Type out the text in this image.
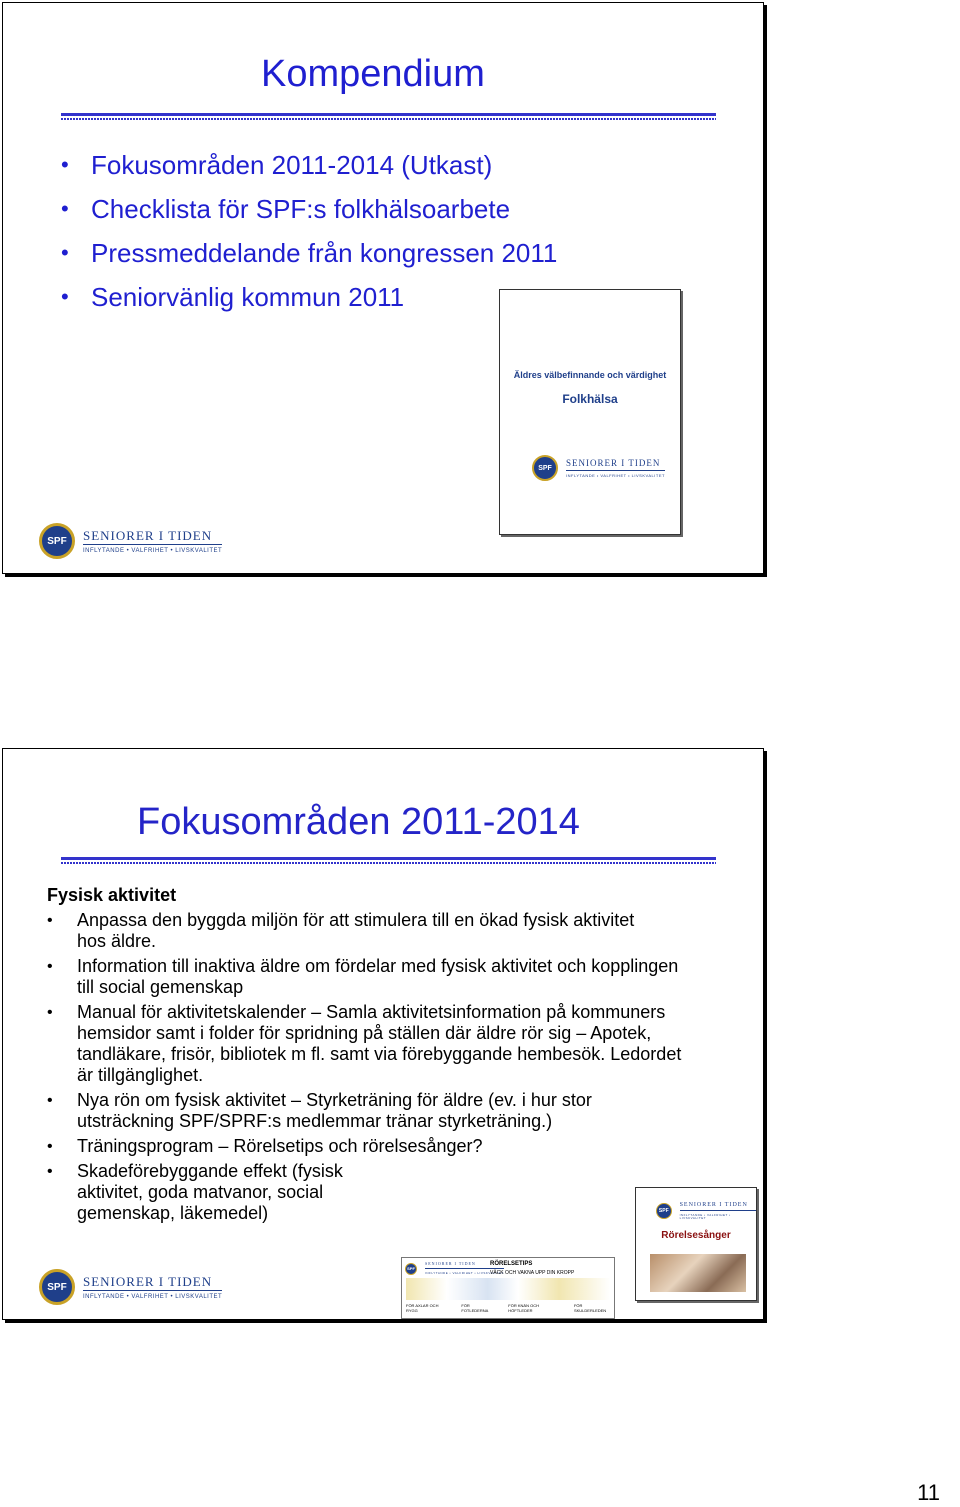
Kompendium
• Fokusområden 2011-2014 (Utkast)
• Checklista för SPF:s folkhälsoarbete
• Pressmeddelande från kongressen 2011
• Seniorvänlig kommun 2011
Äldres välbefinnande och värdighet
Folkhälsa
SPF
SENIORER I TIDEN
INFLYTANDE • VALFRIHET • LIVSKVALITET
SPF	SENIORER I TIDEN
INFLYTANDE • VALFRIHET • LIVSKVALITET
Fokusområden 2011-2014
Fysisk aktivitet
• Anpassa den byggda miljön för att stimulera till en ökad fysisk aktivitet hos äldre.
• Information till inaktiva äldre om fördelar med fysisk aktivitet och kopplingen till social gemenskap
• Manual för aktivitetskalender – Samla aktivitetsinformation på kommuners hemsidor samt i folder för spridning på ställen där äldre rör sig – Apotek, tandläkare, frisör, bibliotek m fl. samt via förebyggande hembesök. Ledordet är tillgänglighet.
• Nya rön om fysisk aktivitet – Styrketräning för äldre (ev. i hur stor utsträckning SPF/SPRF:s medlemmar tränar styrketräning.)
• Träningsprogram – Rörelsetips och rörelsesånger?
• Skadeförebyggande effekt (fysisk aktivitet, goda matvanor, social gemenskap, läkemedel)	SPF
SENIORER I TIDEN
INFLYTANDE • VALFRIHET • LIVSKVALITET
Rörelsesånger
SPF
SENIORER I TIDEN
INFLYTANDE • VALFRIHET • LIVSKVALITET
RÖRELSETIPS
VÄCK OCH VAKNA UPP DIN KROPP
FÖR AXLAR OCH RYGG
FÖR FOTLEDERNA
FÖR KNÄN OCH HÖFTLEDER
FÖR SKULDERLEDEN
SPF	SENIORER I TIDEN
INFLYTANDE • VALFRIHET • LIVSKVALITET
11
